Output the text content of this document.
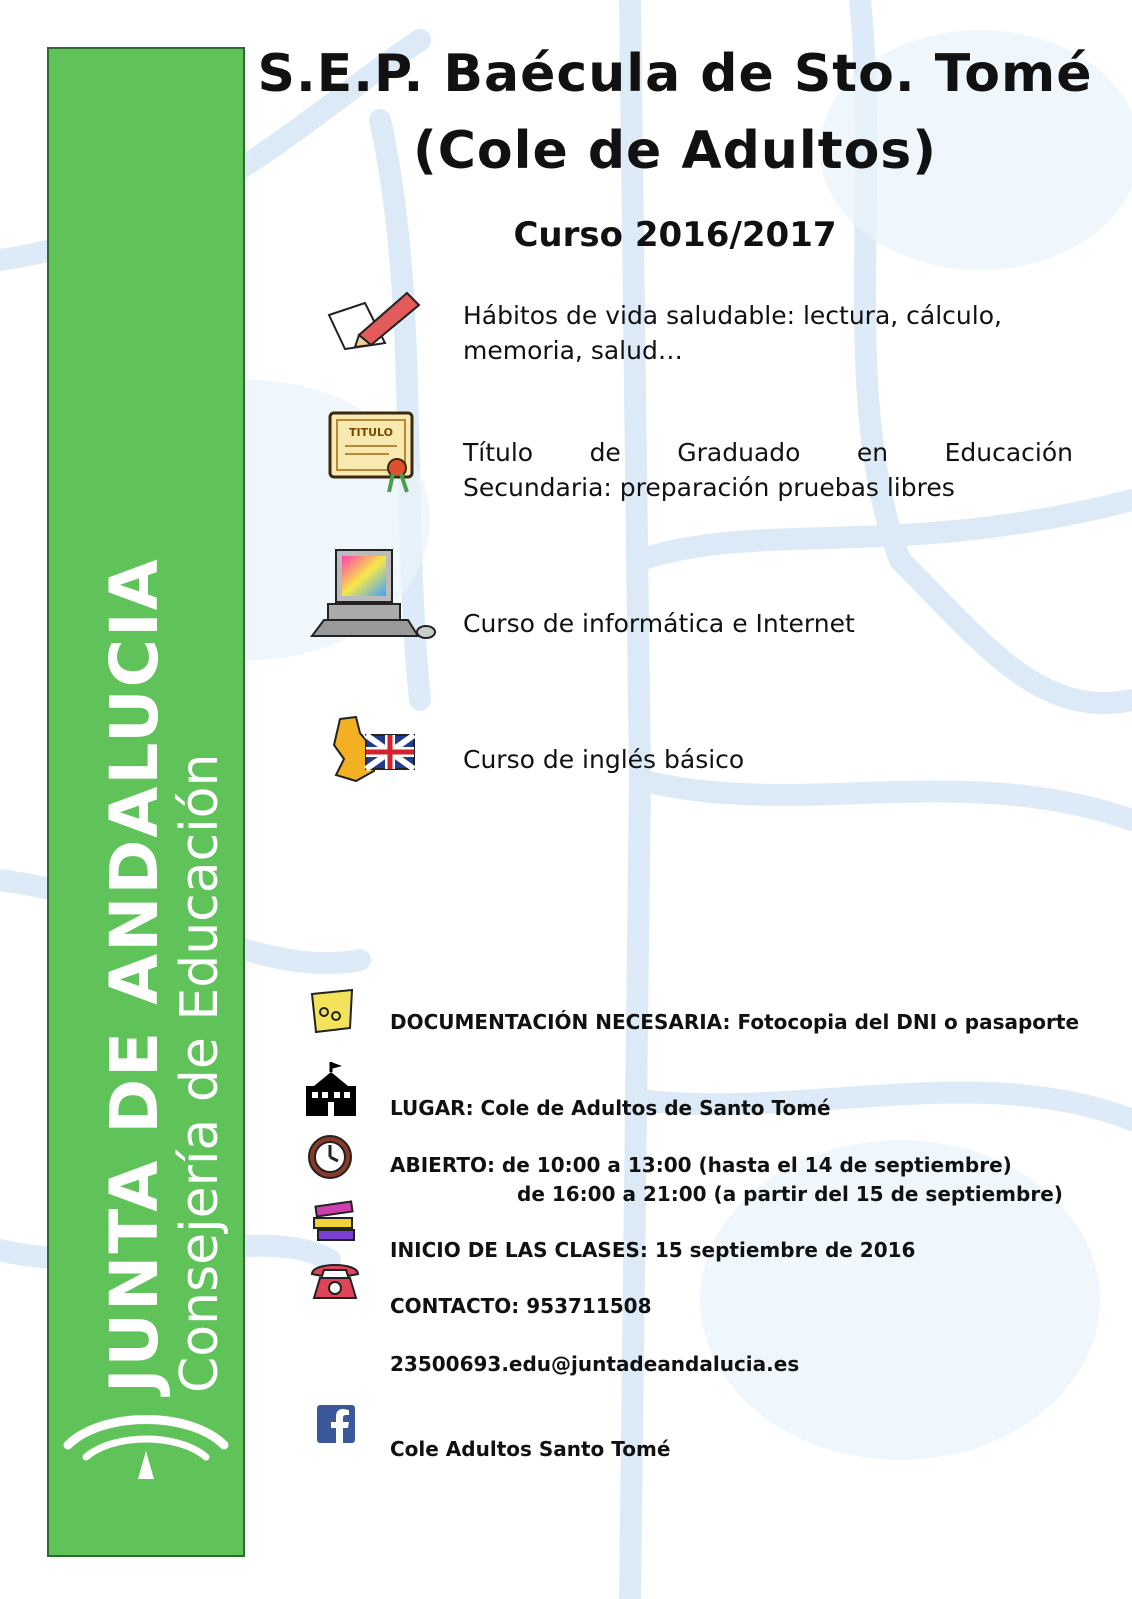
JUNTA DE ANDALUCIA
Consejería de Educación
S.E.P. Baécula de Sto. Tomé
(Cole de Adultos)
Curso 2016/2017
TITULO
Hábitos de vida saludable: lectura, cálculo, memoria, salud…
Título de Graduado en Educación
Secundaria: preparación pruebas libres
Curso de informática e Internet
Curso de inglés básico
DOCUMENTACIÓN NECESARIA: Fotocopia del DNI o pasaporte
LUGAR: Cole de Adultos de Santo Tomé
ABIERTO: de 10:00 a 13:00 (hasta el 14 de septiembre)
de 16:00 a 21:00 (a partir del 15 de septiembre)
INICIO DE LAS CLASES: 15 septiembre de 2016
CONTACTO: 953711508
23500693.edu@juntadeandalucia.es
Cole Adultos Santo Tomé
